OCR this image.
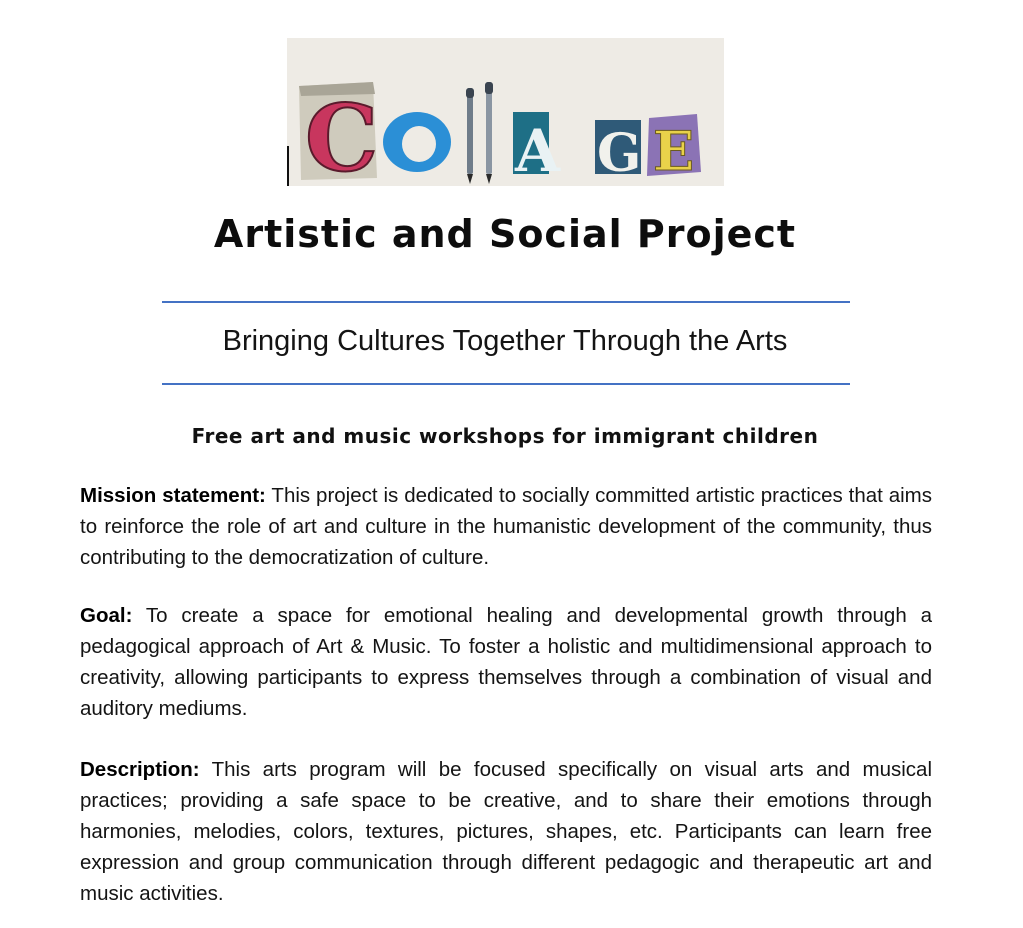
C A G E
Artistic and Social Project
Bringing Cultures Together Through the Arts
Free art and music workshops for immigrant children

Mission statement: This project is dedicated to socially committed artistic practices that aims to reinforce the role of art and culture in the humanistic development of the community, thus contributing to the democratization of culture.

Goal: To create a space for emotional healing and developmental growth through a pedagogical approach of Art & Music. To foster a holistic and multidimensional approach to creativity, allowing participants to express themselves through a combination of visual and auditory mediums.

Description: This arts program will be focused specifically on visual arts and musical practices; providing a safe space to be creative, and to share their emotions through harmonies, melodies, colors, textures, pictures, shapes, etc. Participants can learn free expression and group communication through different pedagogic and therapeutic art and music activities.
